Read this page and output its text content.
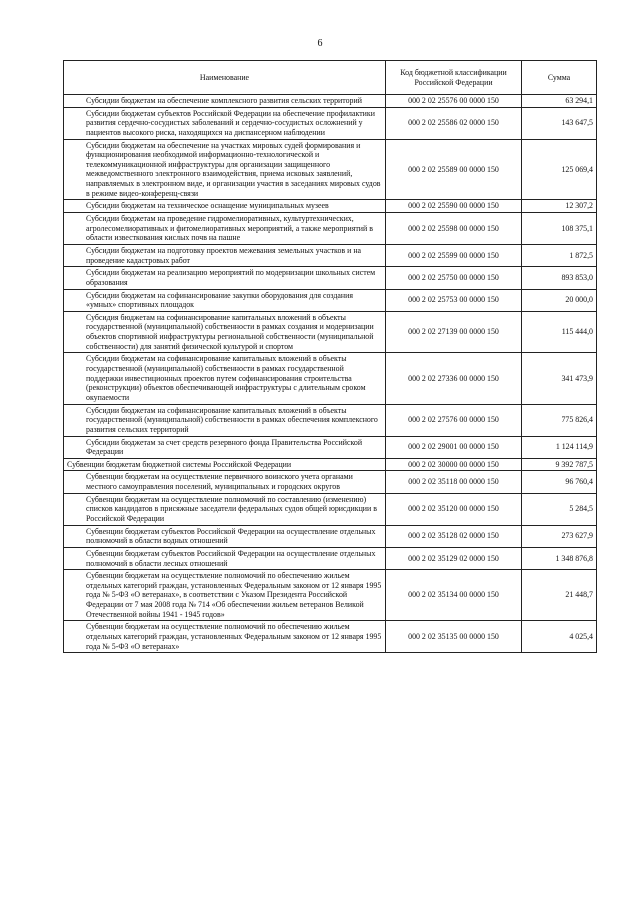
6
Наименование	Код бюджетной классификации Российской Федерации	Сумма
Субсидии бюджетам на обеспечение комплексного развития сельских территорий	000 2 02 25576 00 0000 150	63 294,1
Субсидии бюджетам субъектов Российской Федерации на обеспечение профилактики развития сердечно-сосудистых заболеваний и сердечно-сосудистых осложнений у пациентов высокого риска, находящихся на диспансерном наблюдении	000 2 02 25586 02 0000 150	143 647,5
Субсидии бюджетам на обеспечение на участках мировых судей формирования и функционирования необходимой информационно-технологической и телекоммуникационной инфраструктуры для организации защищенного межведомственного электронного взаимодействия, приема исковых заявлений, направляемых в электронном виде, и организации участия в заседаниях мировых судов в режиме видео-конференц-связи	000 2 02 25589 00 0000 150	125 069,4
Субсидии бюджетам на техническое оснащение муниципальных музеев	000 2 02 25590 00 0000 150	12 307,2
Субсидии бюджетам на проведение гидромелиоративных, культуртехнических, агролесомелиоративных и фитомелиоративных мероприятий, а также мероприятий в области известкования кислых почв на пашне	000 2 02 25598 00 0000 150	108 375,1
Субсидии бюджетам на подготовку проектов межевания земельных участков и на проведение кадастровых работ	000 2 02 25599 00 0000 150	1 872,5
Субсидии бюджетам на реализацию мероприятий по модернизации школьных систем образования	000 2 02 25750 00 0000 150	893 853,0
Субсидии бюджетам на софинансирование закупки оборудования для создания «умных» спортивных площадок	000 2 02 25753 00 0000 150	20 000,0
Субсидия бюджетам на софинансирование капитальных вложений в объекты государственной (муниципальной) собственности в рамках создания и модернизации объектов спортивной инфраструктуры региональной собственности (муниципальной собственности) для занятий физической культурой и спортом	000 2 02 27139 00 0000 150	115 444,0
Субсидии бюджетам на софинансирование капитальных вложений в объекты государственной (муниципальной) собственности в рамках государственной поддержки инвестиционных проектов путем софинансирования строительства (реконструкции) объектов обеспечивающей инфраструктуры с длительным сроком окупаемости	000 2 02 27336 00 0000 150	341 473,9
Субсидии бюджетам на софинансирование капитальных вложений в объекты государственной (муниципальной) собственности в рамках обеспечения комплексного развития сельских территорий	000 2 02 27576 00 0000 150	775 826,4
Субсидии бюджетам за счет средств резервного фонда Правительства Российской Федерации	000 2 02 29001 00 0000 150	1 124 114,9
Субвенции бюджетам бюджетной системы Российской Федерации	000 2 02 30000 00 0000 150	9 392 787,5
Субвенции бюджетам на осуществление первичного воинского учета органами местного самоуправления поселений, муниципальных и городских округов	000 2 02 35118 00 0000 150	96 760,4
Субвенции бюджетам на осуществление полномочий по составлению (изменению) списков кандидатов в присяжные заседатели федеральных судов общей юрисдикции в Российской Федерации	000 2 02 35120 00 0000 150	5 284,5
Субвенции бюджетам субъектов Российской Федерации на осуществление отдельных полномочий в области водных отношений	000 2 02 35128 02 0000 150	273 627,9
Субвенции бюджетам субъектов Российской Федерации на осуществление отдельных полномочий в области лесных отношений	000 2 02 35129 02 0000 150	1 348 876,8
Субвенции бюджетам на осуществление полномочий по обеспечению жильем отдельных категорий граждан, установленных Федеральным законом от 12 января 1995 года № 5-ФЗ «О ветеранах», в соответствии с Указом Президента Российской Федерации от 7 мая 2008 года № 714 «Об обеспечении жильем ветеранов Великой Отечественной войны 1941 - 1945 годов»	000 2 02 35134 00 0000 150	21 448,7
Субвенции бюджетам на осуществление полномочий по обеспечению жильем отдельных категорий граждан, установленных Федеральным законом от 12 января 1995 года № 5-ФЗ «О ветеранах»	000 2 02 35135 00 0000 150	4 025,4
